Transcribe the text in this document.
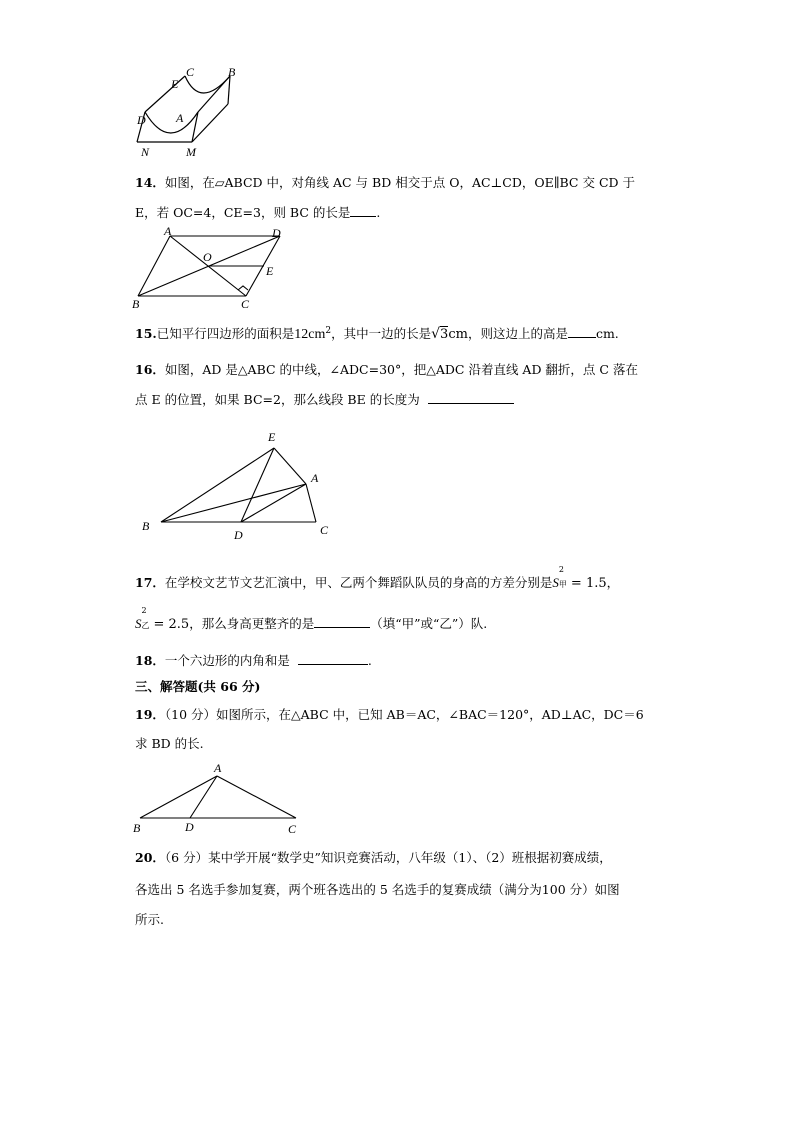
E
C	B
D	A
N	M
14．如图，在▱ABCD 中，对角线 AC 与 BD 相交于点 O，AC⊥CD，OE∥BC 交 CD 于
E，若 OC=4，CE=3，则 BC 的长是 .
A	D
O
E
B	C
15.已知平行四边形的面积是$12cm^2$，其中一边的长是√3cm，则这边上的高是 cm.
16．如图，AD 是△ABC 的中线，∠ADC=30°，把△ADC 沿着直线 AD 翻折，点 C 落在
点 E 的位置，如果 BC=2，那么线段 BE 的长度为
E
A
B
D	C
17．在学校文艺节文艺汇演中，甲、乙两个舞蹈队队员的身高的方差分别是S
2
甲 = 1.5，
S
2
乙 = 2.5，那么身高更整齐的是	（填“甲”或“乙”）队.
18．一个六边形的内角和是	.
三、解答题(共 66 分)
19．（10 分）如图所示，在△ABC 中，已知 AB＝AC，∠BAC＝120°，AD⊥AC，DC＝6
求 BD 的长.
A
B	D	C
20．（6 分）某中学开展“数学史”知识竞赛活动，八年级（1）、（2）班根据初赛成绩，
各选出 5 名选手参加复赛，两个班各选出的 5 名选手的复赛成绩（满分为100 分）如图
所示.
